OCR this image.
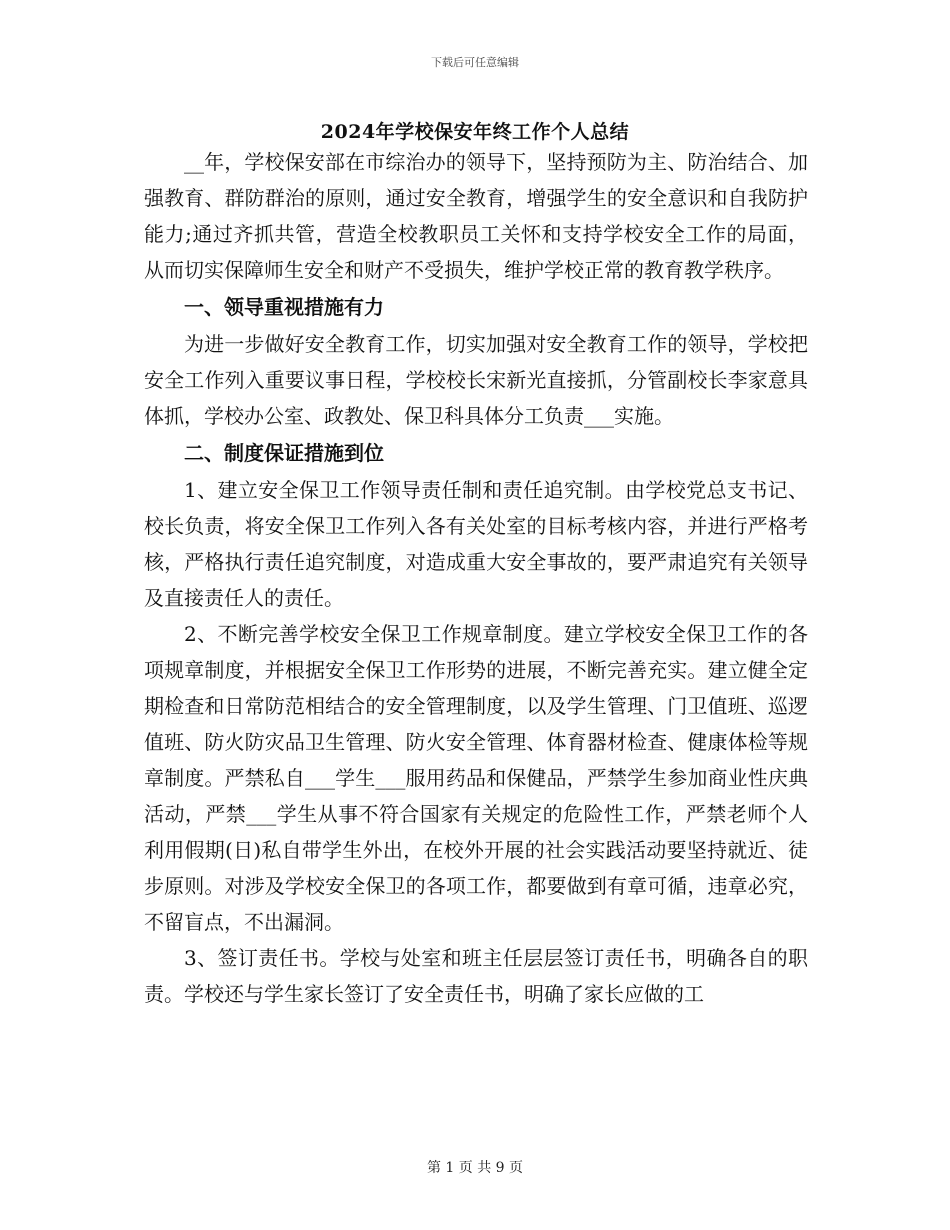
下载后可任意编辑
2024年学校保安年终工作个人总结

__年，学校保安部在市综治办的领导下，坚持预防为主、防治结合、加强教育、群防群治的原则，通过安全教育，增强学生的安全意识和自我防护能力;通过齐抓共管，营造全校教职员工关怀和支持学校安全工作的局面，从而切实保障师生安全和财产不受损失，维护学校正常的教育教学秩序。

一、领导重视措施有力

为进一步做好安全教育工作，切实加强对安全教育工作的领导，学校把安全工作列入重要议事日程，学校校长宋新光直接抓，分管副校长李家意具体抓，学校办公室、政教处、保卫科具体分工负责___实施。

二、制度保证措施到位

1、建立安全保卫工作领导责任制和责任追究制。由学校党总支书记、校长负责，将安全保卫工作列入各有关处室的目标考核内容，并进行严格考核，严格执行责任追究制度，对造成重大安全事故的，要严肃追究有关领导及直接责任人的责任。

2、不断完善学校安全保卫工作规章制度。建立学校安全保卫工作的各项规章制度，并根据安全保卫工作形势的进展，不断完善充实。建立健全定期检查和日常防范相结合的安全管理制度，以及学生管理、门卫值班、巡逻值班、防火防灾品卫生管理、防火安全管理、体育器材检查、健康体检等规章制度。严禁私自___学生___服用药品和保健品，严禁学生参加商业性庆典活动，严禁___学生从事不符合国家有关规定的危险性工作，严禁老师个人利用假期(日)私自带学生外出，在校外开展的社会实践活动要坚持就近、徒步原则。对涉及学校安全保卫的各项工作，都要做到有章可循，违章必究，不留盲点，不出漏洞。

3、签订责任书。学校与处室和班主任层层签订责任书，明确各自的职责。学校还与学生家长签订了安全责任书，明确了家长应做的工

第 1 页 共 9 页
